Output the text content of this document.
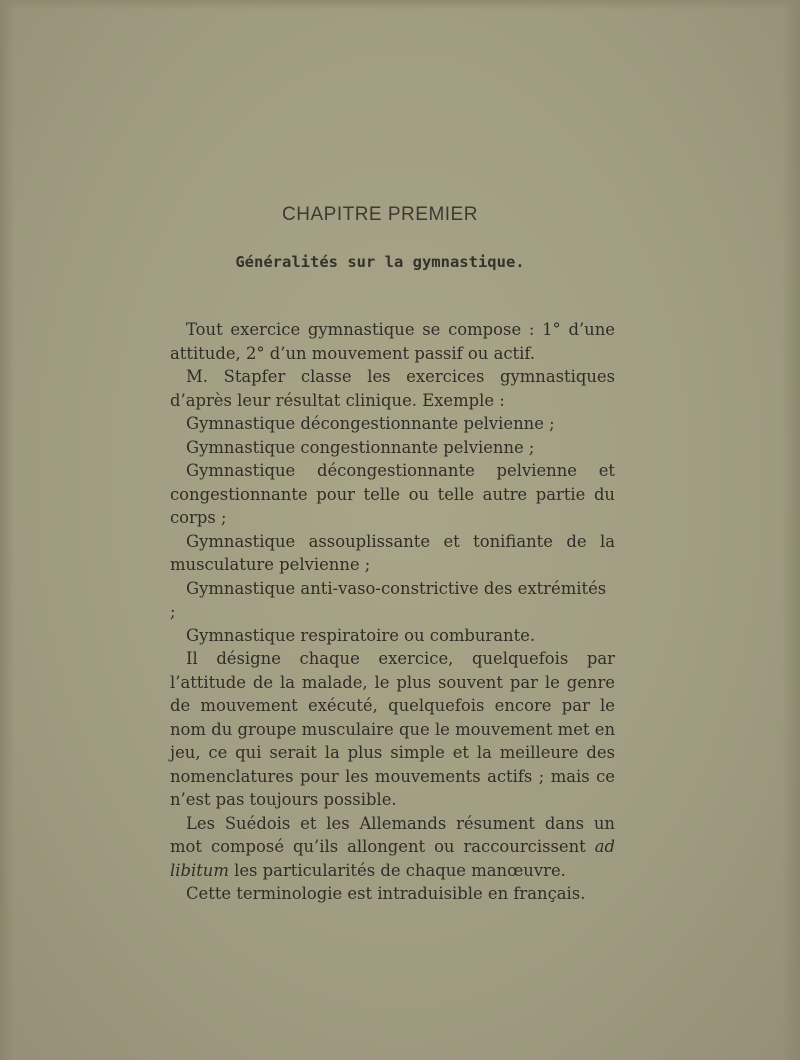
CHAPITRE PREMIER
Généralités sur la gymnastique.

Tout exercice gymnastique se compose : 1° d’une attitude, 2° d’un mouvement passif ou actif.

M. Stapfer classe les exercices gymnastiques d’après leur résultat clinique. Exemple :

Gymnastique décongestionnante pelvienne ;

Gymnastique congestionnante pelvienne ;

Gymnastique décongestionnante pelvienne et congestionnante pour telle ou telle autre partie du corps ;

Gymnastique assouplissante et tonifiante de la musculature pelvienne ;

Gymnastique anti-vaso-constrictive des extrémités ;

Gymnastique respiratoire ou comburante.

Il désigne chaque exercice, quelquefois par l’attitude de la malade, le plus souvent par le genre de mouvement exécuté, quelquefois encore par le nom du groupe musculaire que le mouvement met en jeu, ce qui serait la plus simple et la meilleure des nomenclatures pour les mouvements actifs ; mais ce n’est pas toujours possible.

Les Suédois et les Allemands résument dans un mot composé qu’ils allongent ou raccourcissent ad libitum les particularités de chaque manœuvre.

Cette terminologie est intraduisible en français.
